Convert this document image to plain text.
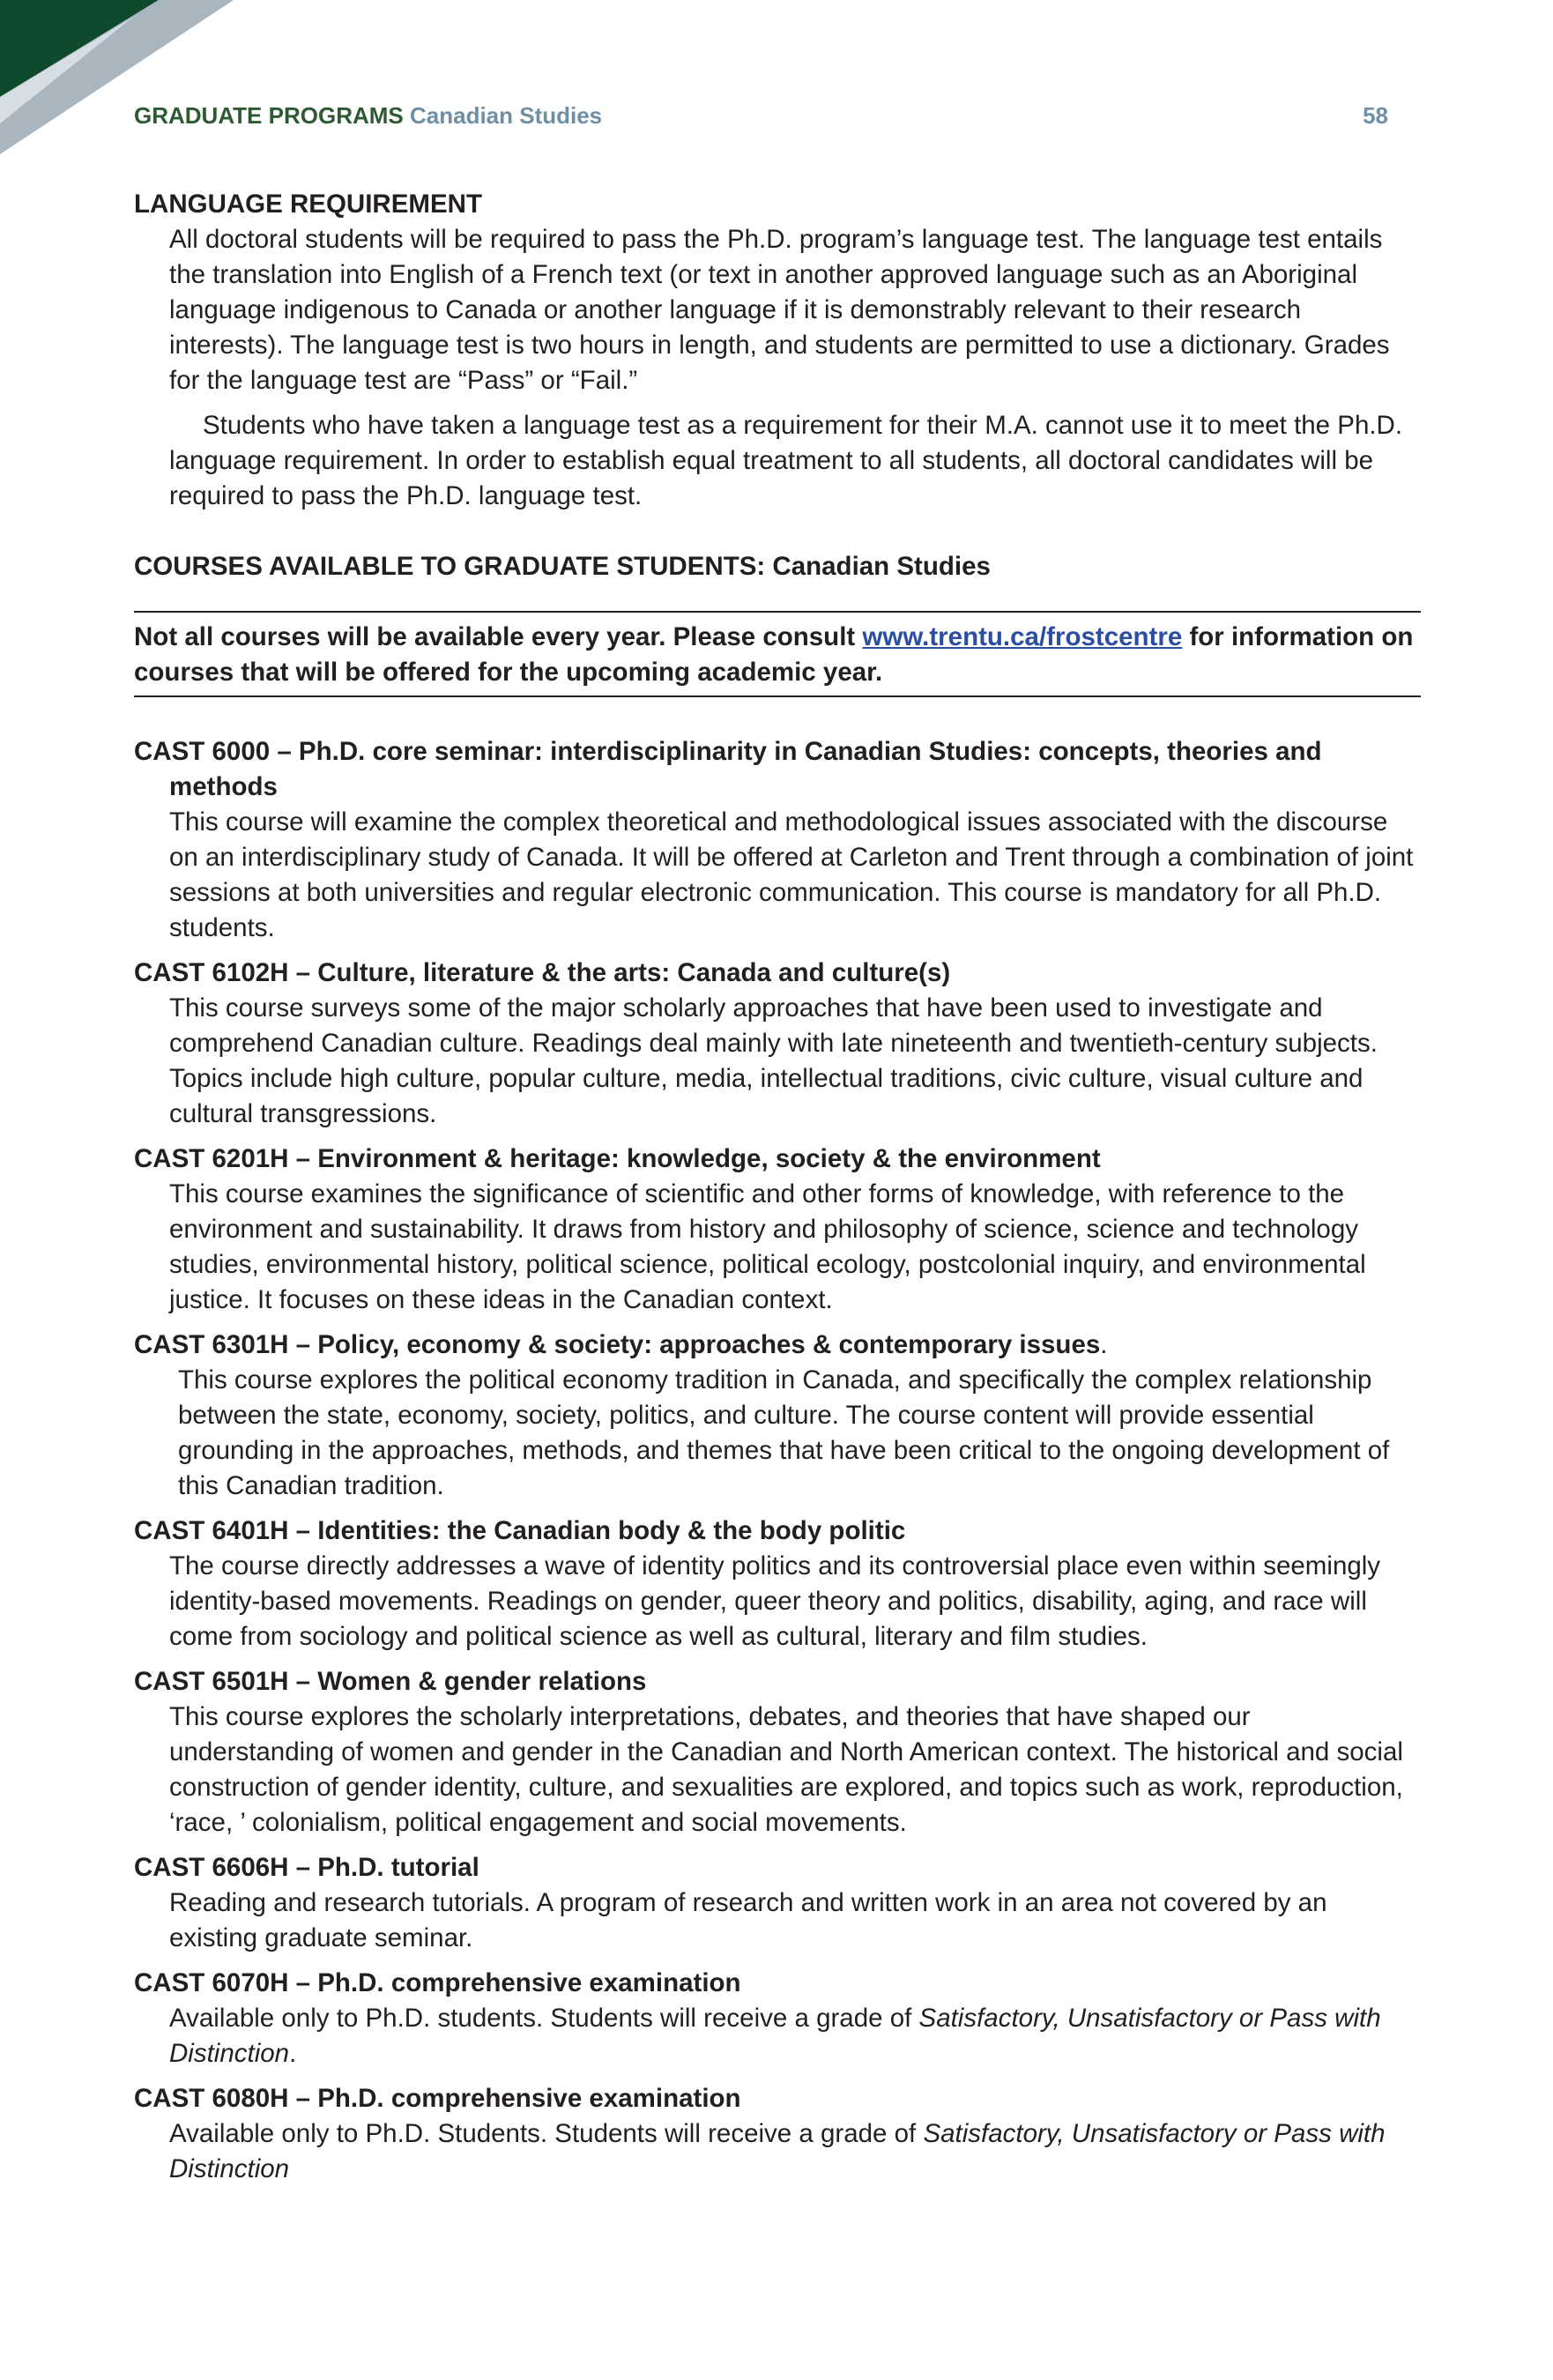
GRADUATE PROGRAMS Canadian Studies	58

LANGUAGE REQUIREMENT

All doctoral students will be required to pass the Ph.D. program’s language test. The language test entails the translation into English of a French text (or text in another approved language such as an Aboriginal language indigenous to Canada or another language if it is demonstrably relevant to their research interests). The language test is two hours in length, and students are permitted to use a dictionary. Grades for the language test are “Pass” or “Fail.”

Students who have taken a language test as a requirement for their M.A. cannot use it to meet the Ph.D. language requirement. In order to establish equal treatment to all students, all doctoral candidates will be required to pass the Ph.D. language test.

COURSES AVAILABLE TO GRADUATE STUDENTS: Canadian Studies

Not all courses will be available every year. Please consult www.trentu.ca/frostcentre for information on courses that will be offered for the upcoming academic year.

CAST 6000 – Ph.D. core seminar: interdisciplinarity in Canadian Studies: concepts, theories and methods

This course will examine the complex theoretical and methodological issues associated with the discourse on an interdisciplinary study of Canada. It will be offered at Carleton and Trent through a combination of joint sessions at both universities and regular electronic communication. This course is mandatory for all Ph.D. students.

CAST 6102H – Culture, literature & the arts: Canada and culture(s)

This course surveys some of the major scholarly approaches that have been used to investigate and comprehend Canadian culture. Readings deal mainly with late nineteenth and twentieth-century subjects. Topics include high culture, popular culture, media, intellectual traditions, civic culture, visual culture and cultural transgressions.

CAST 6201H – Environment & heritage: knowledge, society & the environment

This course examines the significance of scientific and other forms of knowledge, with reference to the environment and sustainability. It draws from history and philosophy of science, science and technology studies, environmental history, political science, political ecology, postcolonial inquiry, and environmental justice. It focuses on these ideas in the Canadian context.

CAST 6301H – Policy, economy & society: approaches & contemporary issues.

This course explores the political economy tradition in Canada, and specifically the complex relationship between the state, economy, society, politics, and culture. The course content will provide essential grounding in the approaches, methods, and themes that have been critical to the ongoing development of this Canadian tradition.

CAST 6401H – Identities: the Canadian body & the body politic

The course directly addresses a wave of identity politics and its controversial place even within seemingly identity-based movements. Readings on gender, queer theory and politics, disability, aging, and race will come from sociology and political science as well as cultural, literary and film studies.

CAST 6501H – Women & gender relations

This course explores the scholarly interpretations, debates, and theories that have shaped our understanding of women and gender in the Canadian and North American context. The historical and social construction of gender identity, culture, and sexualities are explored, and topics such as work, reproduction, ‘race, ’ colonialism, political engagement and social movements.

CAST 6606H – Ph.D. tutorial

Reading and research tutorials. A program of research and written work in an area not covered by an existing graduate seminar.

CAST 6070H – Ph.D. comprehensive examination

Available only to Ph.D. students. Students will receive a grade of Satisfactory, Unsatisfactory or Pass with Distinction.

CAST 6080H – Ph.D. comprehensive examination

Available only to Ph.D. Students. Students will receive a grade of Satisfactory, Unsatisfactory or Pass with Distinction
